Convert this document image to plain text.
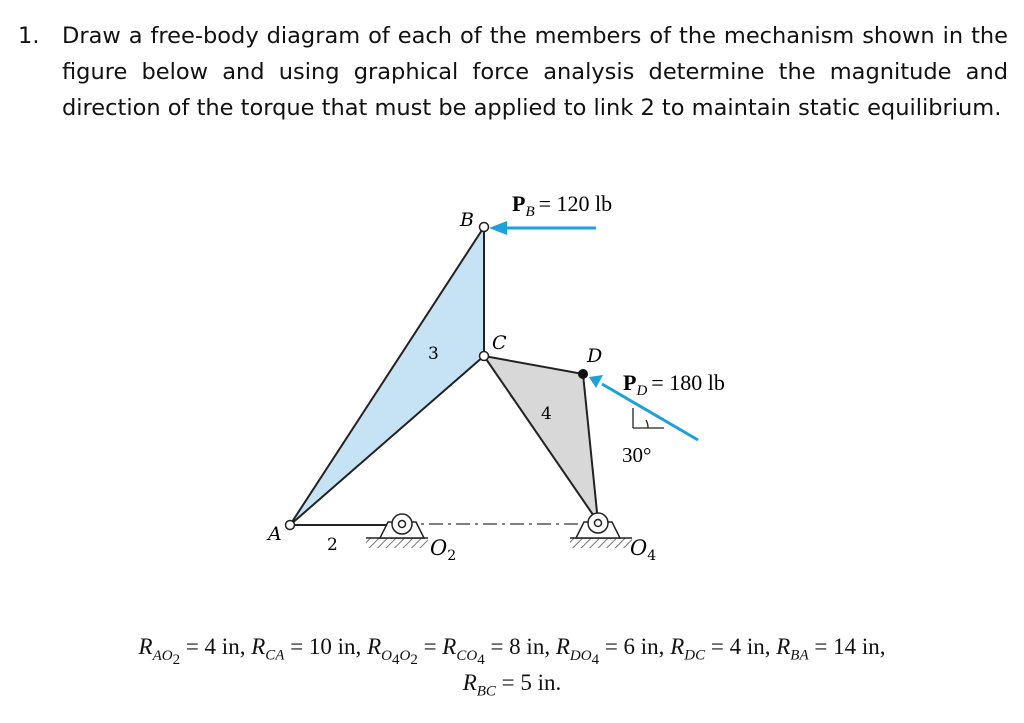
1. Draw a free-body diagram of each of the members of the mechanism shown in the figure below and using graphical force analysis determine the magnitude and direction of the torque that must be applied to link 2 to maintain static equilibrium.
A
B
C
D
2
3
4
$O_2$	$O_4$
$P_B = 120$ lb
$P_D = 180$ lb
30°
$R_{AO_2} = 4$ in, $R_{CA} = 10$ in, $R_{O_4O_2} = R_{CO_4} = 8$ in, $R_{DO_4} = 6$ in, $R_{DC} = 4$ in, $R_{BA} = 14$ in,
$R_{BC} = 5$ in.
